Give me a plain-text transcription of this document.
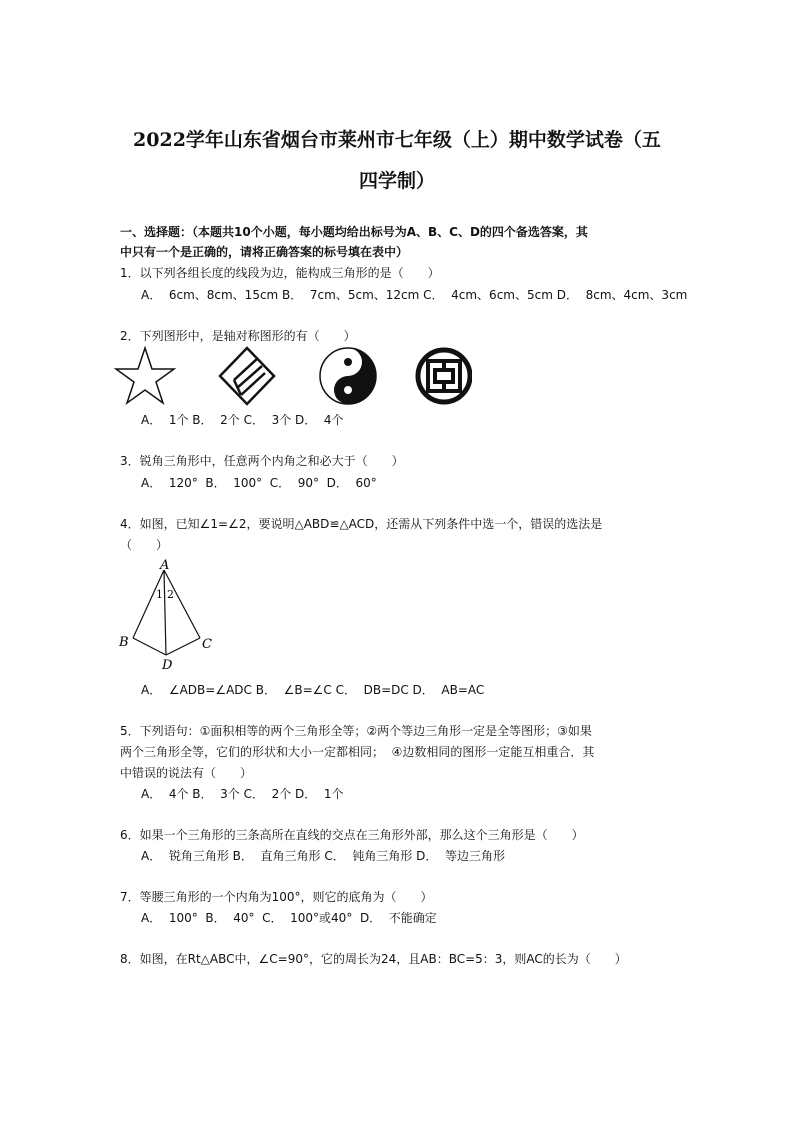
2022学年山东省烟台市莱州市七年级（上）期中数学试卷（五
四学制）
一、选择题：（本题共10个小题，每小题均给出标号为A、B、C、D的四个备选答案，其
中只有一个是正确的，请将正确答案的标号填在表中）
1．以下列各组长度的线段为边，能构成三角形的是（　　）
A．  6cm、8cm、15cm B．  7cm、5cm、12cm C．  4cm、6cm、5cm D．  8cm、4cm、3cm
2．下列图形中，是轴对称图形的有（　　）
A．  1个 B．  2个 C．  3个 D．  4个
3．锐角三角形中，任意两个内角之和必大于（　　）
A．  120°  B．  100°  C．  90°  D．  60°
4．如图，已知∠1=∠2，要说明△ABD≌△ACD，还需从下列条件中选一个，错误的选法是
（　　）
A
B	C
D
1 2
A．  ∠ADB=∠ADC B．  ∠B=∠C C．  DB=DC D．  AB=AC
5．下列语句：①面积相等的两个三角形全等；②两个等边三角形一定是全等图形；③如果
两个三角形全等，它们的形状和大小一定都相同；  ④边数相同的图形一定能互相重合．其
中错误的说法有（　　）
A．  4个 B．  3个 C．  2个 D．  1个
6．如果一个三角形的三条高所在直线的交点在三角形外部，那么这个三角形是（　　）
A．  锐角三角形 B．  直角三角形 C．  钝角三角形 D．  等边三角形
7．等腰三角形的一个内角为100°，则它的底角为（　　）
A．  100°  B．  40°  C．  100°或40°  D．  不能确定
8．如图，在Rt△ABC中，∠C=90°，它的周长为24，且AB：BC=5：3，则AC的长为（　　）
